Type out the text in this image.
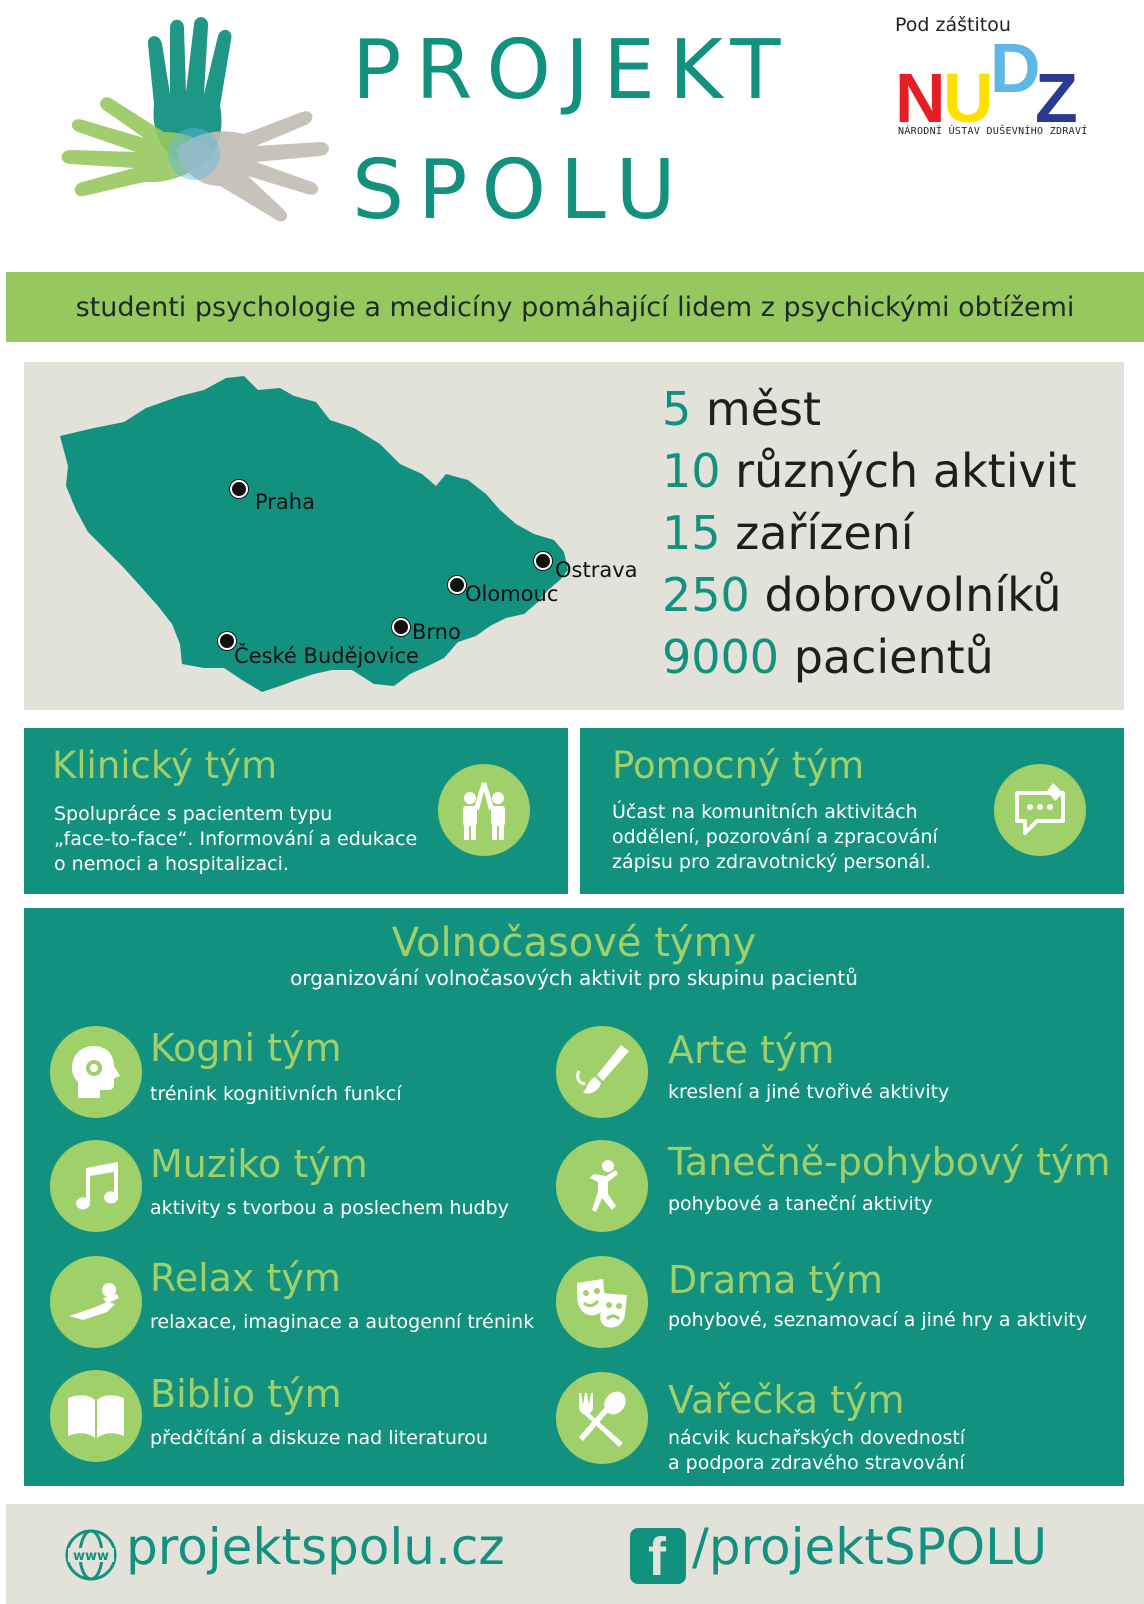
PROJEKT
SPOLU
Pod záštitou
N
U
D
Z
NÁRODNÍ ÚSTAV DUŠEVNÍHO ZDRAVÍ
studenti psychologie a medicíny pomáhající lidem z psychickými obtížemi
Praha
Ostrava
Olomouc
Brno
České Budějovice
5 měst
10 různých aktivit
15 zařízení
250 dobrovolníků
9000 pacientů
Klinický tým
Spolupráce s pacientem typu
„face-to-face“. Informování a edukace
o nemoci a hospitalizaci.
Pomocný tým
Účast na komunitních aktivitách
oddělení, pozorování a zpracování
zápisu pro zdravotnický personál.
Volnočasové týmy
organizování volnočasových aktivit pro skupinu pacientů
Kogni tým
trénink kognitivních funkcí
Arte tým
kreslení a jiné tvořivé aktivity
Muziko tým
aktivity s tvorbou a poslechem hudby
Tanečně-pohybový tým
pohybové a taneční aktivity
Relax tým
relaxace, imaginace a autogenní trénink
Drama tým
pohybové, seznamovací a jiné hry a aktivity
Biblio tým
předčítání a diskuze nad literaturou
Vařečka tým
nácvik kuchařských dovedností
a podpora zdravého stravování
www projektspolu.cz	f /projektSPOLU
